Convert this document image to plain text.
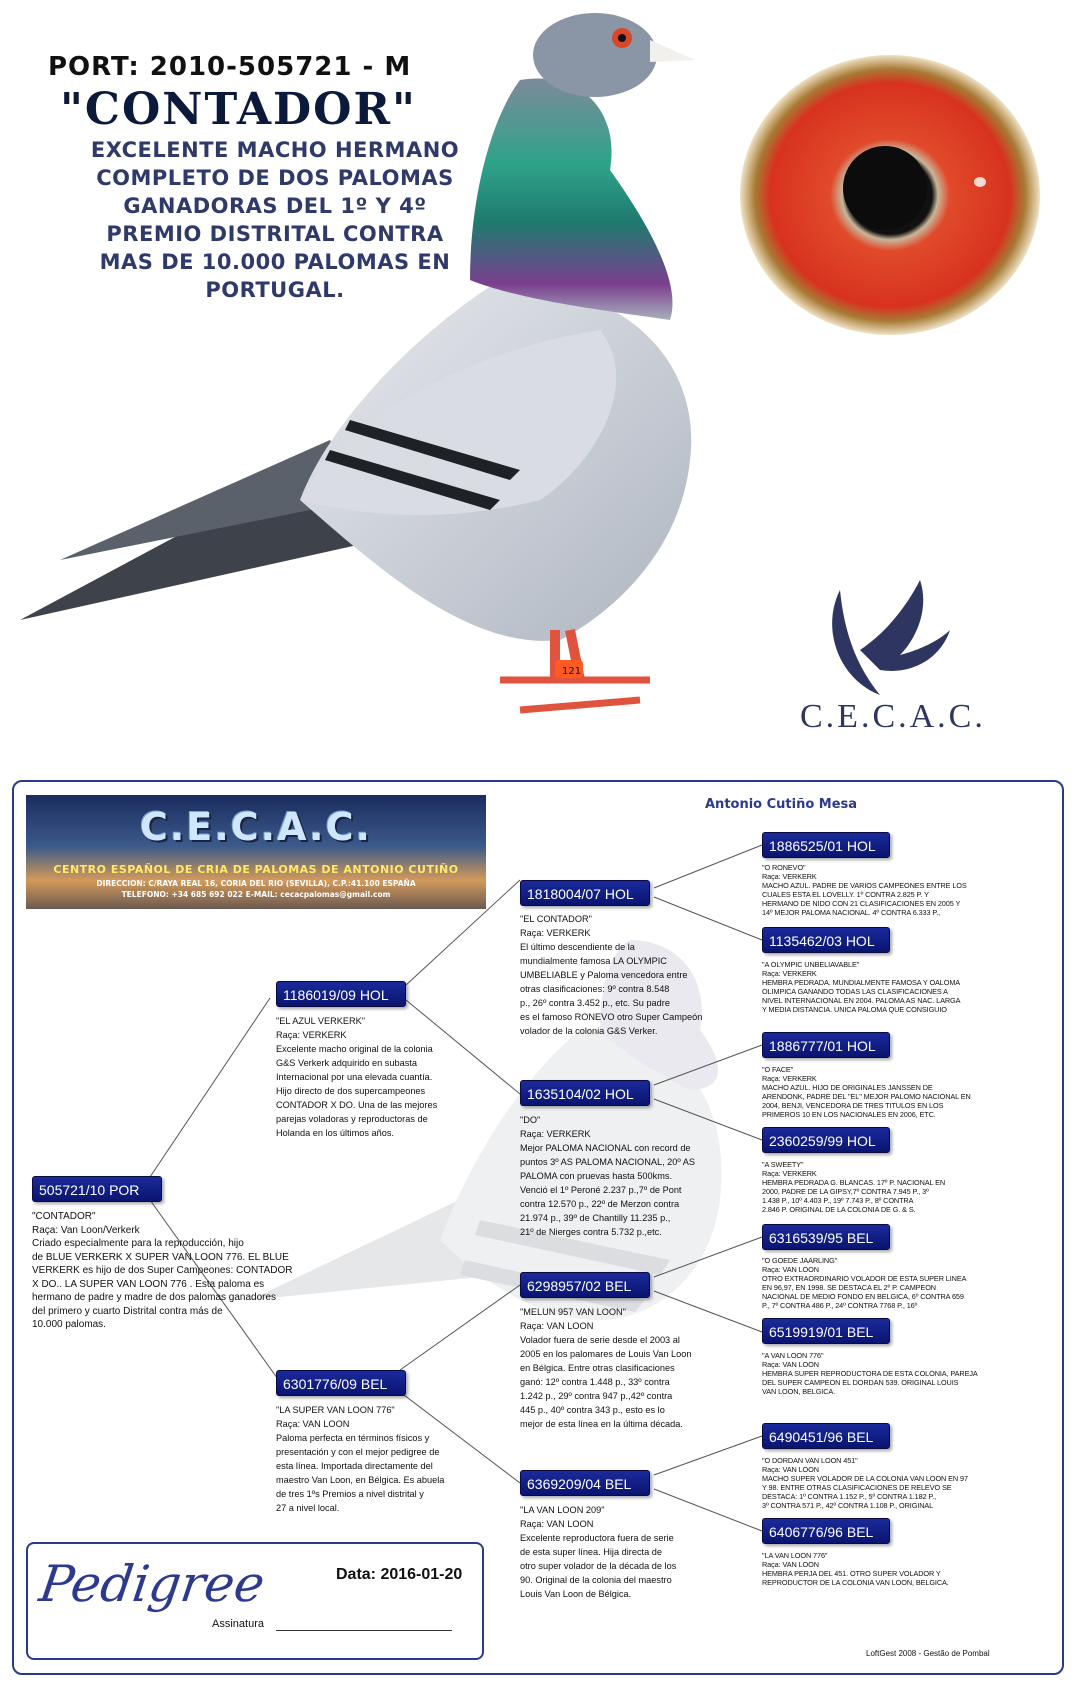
121
PORT: 2010-505721 - M
"CONTADOR"
EXCELENTE MACHO HERMANO
COMPLETO DE DOS PALOMAS
GANADORAS DEL 1º Y 4º
PREMIO DISTRITAL CONTRA
MAS DE 10.000 PALOMAS EN
PORTUGAL.
C.E.C.A.C.
C.E.C.A.C.
CENTRO ESPAÑOL DE CRIA DE PALOMAS DE ANTONIO CUTIÑO
DIRECCION: C/RAYA REAL 16, CORIA DEL RIO (SEVILLA), C.P.:41.100 ESPAÑA
TELEFONO: +34 685 692 022 E-MAIL: cecacpalomas@gmail.com
Antonio Cutiño Mesa
505721/10 POR
"CONTADOR"
Raça: Van Loon/Verkerk
Criado especialmente para la reproducción, hijo
de BLUE VERKERK X SUPER VAN LOON 776. EL BLUE
VERKERK es hijo de dos Super Campeones: CONTADOR
X DO.. LA SUPER VAN LOON 776 . Esta paloma es
hermano de padre y madre de dos palomas ganadores
del primero y cuarto Distrital contra más de
10.000 palomas.
1186019/09 HOL
"EL AZUL VERKERK"
Raça: VERKERK
Excelente macho original de la colonia
G&S Verkerk adquirido en subasta
Internacional por una elevada cuantía.
Hijo directo de dos supercampeones
CONTADOR X DO. Una de las mejores
parejas voladoras y reproductoras de
Holanda en los últimos años.
6301776/09 BEL
"LA SUPER VAN LOON 776"
Raça: VAN LOON
Paloma perfecta en términos físicos y
presentación y con el mejor pedigree de
esta línea. Importada directamente del
maestro Van Loon, en Bélgica. Es abuela
de tres 1ºs Premios a nivel distrital y
27 a nivel local.
1818004/07 HOL
"EL CONTADOR"
Raça: VERKERK
El último descendiente de la
mundialmente famosa LA OLYMPIC
UMBELIABLE y Paloma vencedora entre
otras clasificaciones: 9º contra 8.548
p., 26º contra 3.452 p., etc. Su padre
es el famoso RONEVO otro Super Campeón
volador de la colonia G&S Verker.
1635104/02 HOL
"DO"
Raça: VERKERK
Mejor PALOMA NACIONAL con record de
puntos 3º AS PALOMA NACIONAL, 20º AS
PALOMA con pruevas hasta 500kms.
Venció el 1º Peroné 2.237 p.,7º de Pont
contra 12.570 p., 22º de Merzon contra
21.974 p., 39º de Chantilly 11.235 p.,
21º de Nierges contra 5.732 p.,etc.
6298957/02 BEL
"MELUN 957 VAN LOON"
Raça: VAN LOON
Volador fuera de serie desde el 2003 al
2005 en los palomares de Louis Van Loon
en Bélgica. Entre otras clasificaciones
ganó: 12º contra 1.448 p., 33º contra
1.242 p., 29º contra 947 p.,42º contra
445 p., 40º contra 343 p., esto es lo
mejor de esta línea en la última década.
6369209/04 BEL
"LA VAN LOON 209"
Raça: VAN LOON
Excelente reproductora fuera de serie
de esta super línea. Hija directa de
otro super volador de la década de los
90. Original de la colonia del maestro
Louis Van Loon de Bélgica.
1886525/01 HOL
"O RONEVO"
Raça: VERKERK
MACHO AZUL. PADRE DE VARIOS CAMPEONES ENTRE LOS
CUALES ESTA EL LOVELLY. 1º CONTRA 2.825 P. Y
HERMANO DE NIDO CON 21 CLASIFICACIONES EN 2005 Y
14º MEJOR PALOMA NACIONAL. 4º CONTRA 6.333 P.,
1135462/03 HOL
"A OLYMPIC UNBELIAVABLE"
Raça: VERKERK
HEMBRA PEDRADA. MUNDIALMENTE FAMOSA Y OALOMA
OLIMPICA GANANDO TODAS LAS CLASIFICACIONES A
NIVEL INTERNACIONAL EN 2004. PALOMA AS NAC. LARGA
Y MEDIA DISTANCIA. UNICA PALOMA QUE CONSIGUIO
1886777/01 HOL
"O FACE"
Raça: VERKERK
MACHO AZUL. HIJO DE ORIGINALES JANSSEN DE
ARENDONK, PADRE DEL "EL" MEJOR PALOMO NACIONAL EN
2004, BENJI, VENCEDORA DE TRES TITULOS EN LOS
PRIMEROS 10 EN LOS NACIONALES EN 2006, ETC.
2360259/99 HOL
"A SWEETY"
Raça: VERKERK
HEMBRA PEDRADA G. BLANCAS. 17º P. NACIONAL EN
2000, PADRE DE LA GIPSY,7º CONTRA 7.945 P., 3º
1.438 P., 10º 4.403 P., 19º 7.743 P., 8º CONTRA
2.846 P. ORIGINAL DE LA COLONIA DE G. & S.
6316539/95 BEL
"O GOEDE JAARLING"
Raça: VAN LOON
OTRO EXTRAORDINARIO VOLADOR DE ESTA SUPER LINEA
EN 96,97, EN 1998. SE DESTACA EL 2º P. CAMPEON
NACIONAL DE MEDIO FONDO EN BELGICA, 6º CONTRA 659
P., 7º CONTRA 486 P., 24º CONTRA 7768 P., 16º
6519919/01 BEL
"A VAN LOON 776"
Raça: VAN LOON
HEMBRA SUPER REPRODUCTORA DE ESTA COLONIA, PAREJA
DEL SUPER CAMPEON EL DORDAN 539. ORIGINAL LOUIS
VAN LOON, BELGICA.
6490451/96 BEL
"O DORDAN VAN LOON 451"
Raça: VAN LOON
MACHO SUPER VOLADOR DE LA COLONIA VAN LOON EN 97
Y 98. ENTRE OTRAS CLASIFICACIONES DE RELEVO SE
DESTACA: 1º CONTRA 1.152 P., 5º CONTRA 1.182 P.,
3º CONTRA 571 P., 42º CONTRA 1.108 P., ORIGINAL
6406776/96 BEL
"LA VAN LOON 776"
Raça: VAN LOON
HEMBRA PERJA DEL 451. OTRO SUPER VOLADOR Y
REPRODUCTOR DE LA COLONIA VAN LOON, BELGICA.
Pedigree	Data: 2016-01-20
Assinatura
LoftGest 2008 - Gestão de Pombal
